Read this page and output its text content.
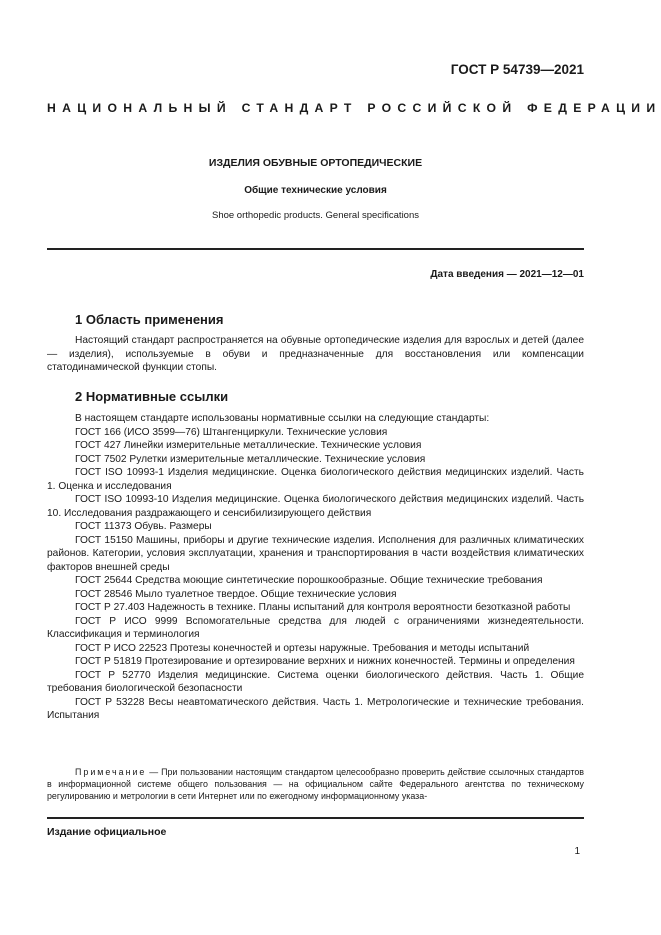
ГОСТ Р 54739—2021
НАЦИОНАЛЬНЫЙ СТАНДАРТ РОССИЙСКОЙ ФЕДЕРАЦИИ
ИЗДЕЛИЯ ОБУВНЫЕ ОРТОПЕДИЧЕСКИЕ
Общие технические условия
Shoe orthopedic products. General specifications
Дата введения — 2021—12—01
1 Область применения

Настоящий стандарт распространяется на обувные ортопедические изделия для взрослых и детей (далее — изделия), используемые в обуви и предназначенные для восстановления или компенсации статодинамической функции стопы.

2 Нормативные ссылки

В настоящем стандарте использованы нормативные ссылки на следующие стандарты:

ГОСТ 166 (ИСО 3599—76) Штангенциркули. Технические условия

ГОСТ 427 Линейки измерительные металлические. Технические условия

ГОСТ 7502 Рулетки измерительные металлические. Технические условия

ГОСТ ISO 10993-1 Изделия медицинские. Оценка биологического действия медицинских изделий. Часть 1. Оценка и исследования

ГОСТ ISO 10993-10 Изделия медицинские. Оценка биологического действия медицинских изделий. Часть 10. Исследования раздражающего и сенсибилизирующего действия

ГОСТ 11373 Обувь. Размеры

ГОСТ 15150 Машины, приборы и другие технические изделия. Исполнения для различных климатических районов. Категории, условия эксплуатации, хранения и транспортирования в части воздействия климатических факторов внешней среды

ГОСТ 25644 Средства моющие синтетические порошкообразные. Общие технические требования

ГОСТ 28546 Мыло туалетное твердое. Общие технические условия

ГОСТ Р 27.403 Надежность в технике. Планы испытаний для контроля вероятности безотказной работы

ГОСТ Р ИСО 9999 Вспомогательные средства для людей с ограничениями жизнедеятельности. Классификация и терминология

ГОСТ Р ИСО 22523 Протезы конечностей и ортезы наружные. Требования и методы испытаний

ГОСТ Р 51819 Протезирование и ортезирование верхних и нижних конечностей. Термины и определения

ГОСТ Р 52770 Изделия медицинские. Система оценки биологического действия. Часть 1. Общие требования биологической безопасности

ГОСТ Р 53228 Весы неавтоматического действия. Часть 1. Метрологические и технические требования. Испытания

Примечание — При пользовании настоящим стандартом целесообразно проверить действие ссылочных стандартов в информационной системе общего пользования — на официальном сайте Федерального агентства по техническому регулированию и метрологии в сети Интернет или по ежегодному информационному указа-

Издание официальное
1
